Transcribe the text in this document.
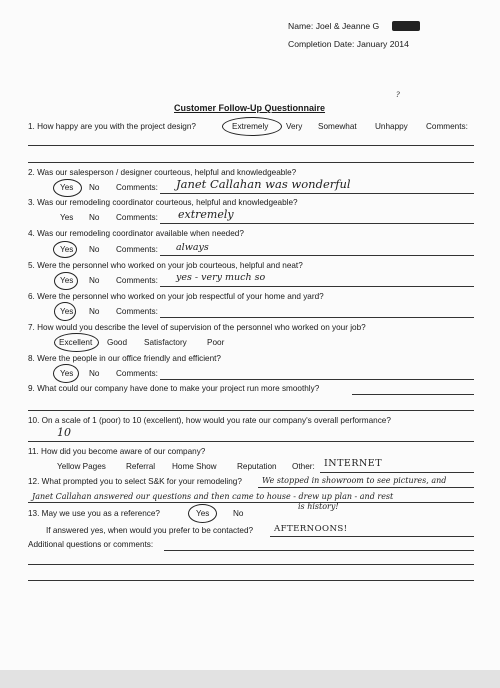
Name: Joel & Jeanne G
Completion Date: January 2014
?
Customer Follow-Up Questionnaire
1. How happy are you with the project design?	Extremely Very Somewhat Unhappy Comments:
2. Was our salesperson / designer courteous, helpful and knowledgeable?
Yes No Comments: Janet Callahan was wonderful
3. Was our remodeling coordinator courteous, helpful and knowledgeable?
Yes No Comments: extremely
4. Was our remodeling coordinator available when needed?
Yes No Comments: always
5. Were the personnel who worked on your job courteous, helpful and neat?
Yes No Comments: yes - very much so
6. Were the personnel who worked on your job respectful of your home and yard?
Yes No Comments:
7. How would you describe the level of supervision of the personnel who worked on your job?
Excellent Good Satisfactory Poor
8. Were the people in our office friendly and efficient?
Yes No Comments:
9. What could our company have done to make your project run more smoothly?
10. On a scale of 1 (poor) to 10 (excellent), how would you rate our company's overall performance?
10
11. How did you become aware of our company?
Yellow Pages Referral Home Show Reputation Other: INTERNET
12. What prompted you to select S&K for your remodeling?	We stopped in showroom to see pictures, and
Janet Callahan answered our questions and then came to house - drew up plan - and rest
is history!
13. May we use you as a reference?	Yes	No
If answered yes, when would you prefer to be contacted? AFTERNOONS!
Additional questions or comments:
